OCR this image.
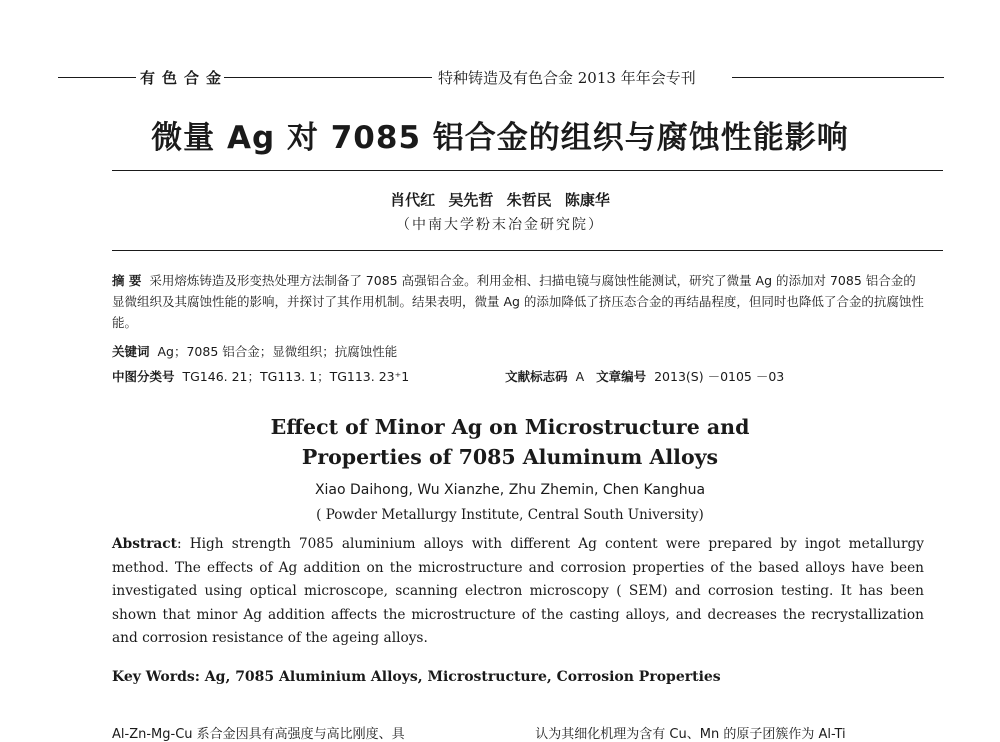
有色合金	特种铸造及有色合金 2013 年年会专刊
微量 Ag 对 7085 铝合金的组织与腐蚀性能影响
肖代红 吴先哲 朱哲民 陈康华
（中南大学粉末冶金研究院）
摘 要 采用熔炼铸造及形变热处理方法制备了 7085 高强铝合金。利用金相、扫描电镜与腐蚀性能测试，研究了微量 Ag 的添加对 7085 铝合金的显微组织及其腐蚀性能的影响，并探讨了其作用机制。结果表明，微量 Ag 的添加降低了挤压态合金的再结晶程度，但同时也降低了合金的抗腐蚀性能。
关键词 Ag；7085 铝合金；显微组织；抗腐蚀性能
中图分类号 TG146. 21；TG113. 1；TG113. 23⁺1	文献标志码 A 文章编号 2013(S) －0105 －03
Effect of Minor Ag on Microstructure and
Properties of 7085 Aluminum Alloys
Xiao Daihong, Wu Xianzhe, Zhu Zhemin, Chen Kanghua
( Powder Metallurgy Institute, Central South University)
Abstract: High strength 7085 aluminium alloys with different Ag content were prepared by ingot metallurgy method. The effects of Ag addition on the microstructure and corrosion properties of the based alloys have been investigated using optical microscope, scanning electron microscopy ( SEM) and corrosion testing. It has been shown that minor Ag addition affects the microstructure of the casting alloys, and decreases the recrystallization and corrosion resistance of the ageing alloys.
Key Words: Ag, 7085 Aluminium Alloys, Microstructure, Corrosion Properties
Al-Zn-Mg-Cu 系合金因具有高强度与高比刚度、具	认为其细化机理为含有 Cu、Mn 的原子团簇作为 Al-Ti
